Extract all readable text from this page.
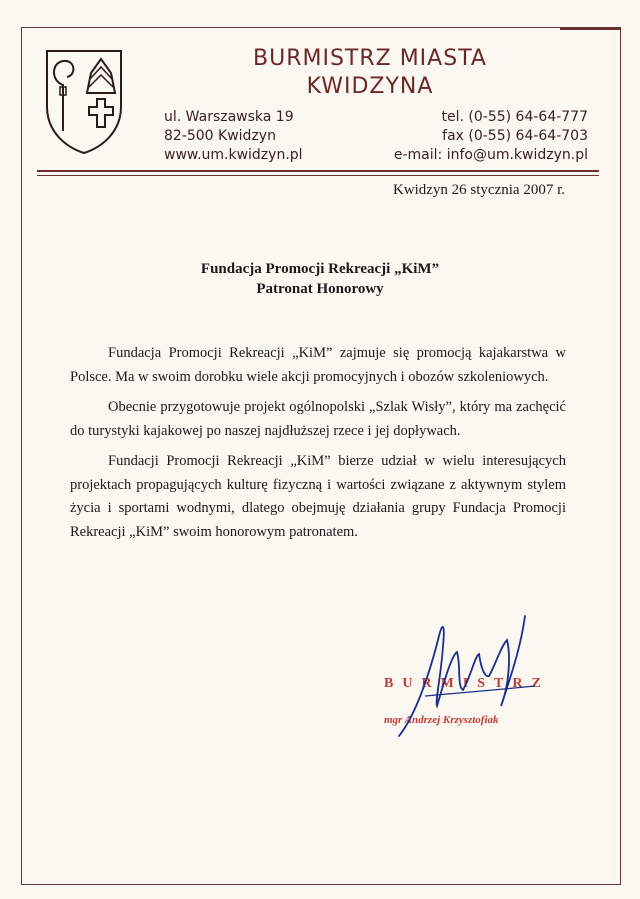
BURMISTRZ MIASTA
KWIDZYNA
ul. Warszawska 19
82-500 Kwidzyn
www.um.kwidzyn.pl
tel. (0-55) 64-64-777
fax (0-55) 64-64-703
e-mail: info@um.kwidzyn.pl
Kwidzyn 26 stycznia 2007 r.
Fundacja Promocji Rekreacji „KiM”
Patronat Honorowy

Fundacja Promocji Rekreacji „KiM” zajmuje się promocją kajakarstwa w Polsce. Ma w swoim dorobku wiele akcji promocyjnych i obozów szkoleniowych.

Obecnie przygotowuje projekt ogólnopolski „Szlak Wisły”, który ma zachęcić do turystyki kajakowej po naszej najdłuższej rzece i jej dopływach.

Fundacji Promocji Rekreacji „KiM” bierze udział w wielu interesujących projektach propagujących kulturę fizyczną i wartości związane z aktywnym stylem życia i sportami wodnymi, dlatego obejmuję działania grupy Fundacja Promocji Rekreacji „KiM” swoim honorowym patronatem.

BURMISTRZ
mgr Andrzej Krzysztofiak
